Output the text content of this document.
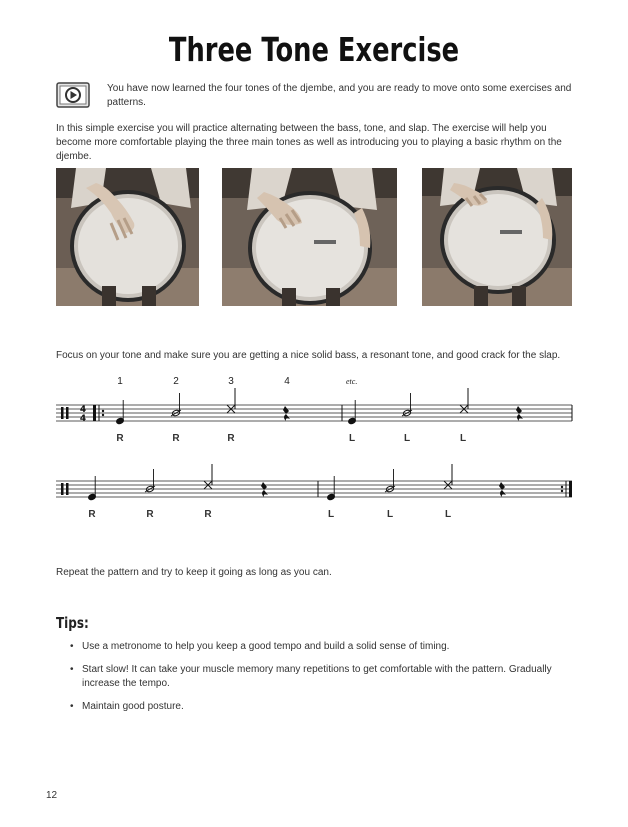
Three Tone Exercise

You have now learned the four tones of the djembe, and you are ready to move onto some exercises and patterns.

In this simple exercise you will practice alternating between the bass, tone, and slap. The exercise will help you become more comfortable playing the three main tones as well as introducing you to playing a basic rhythm on the djembe.

Focus on your tone and make sure you are getting a nice solid bass, a resonant tone, and good crack for the slap.

1	2	3	4	etc.
4
4
R	R	R	L	L	L
R	R	R	L	L	L

Repeat the pattern and try to keep it going as long as you can.

Tips:
• Use a metronome to help you keep a good tempo and build a solid sense of timing.
• Start slow! It can take your muscle memory many repetitions to get comfortable with the pattern. Gradually increase the tempo.
• Maintain good posture.

12
